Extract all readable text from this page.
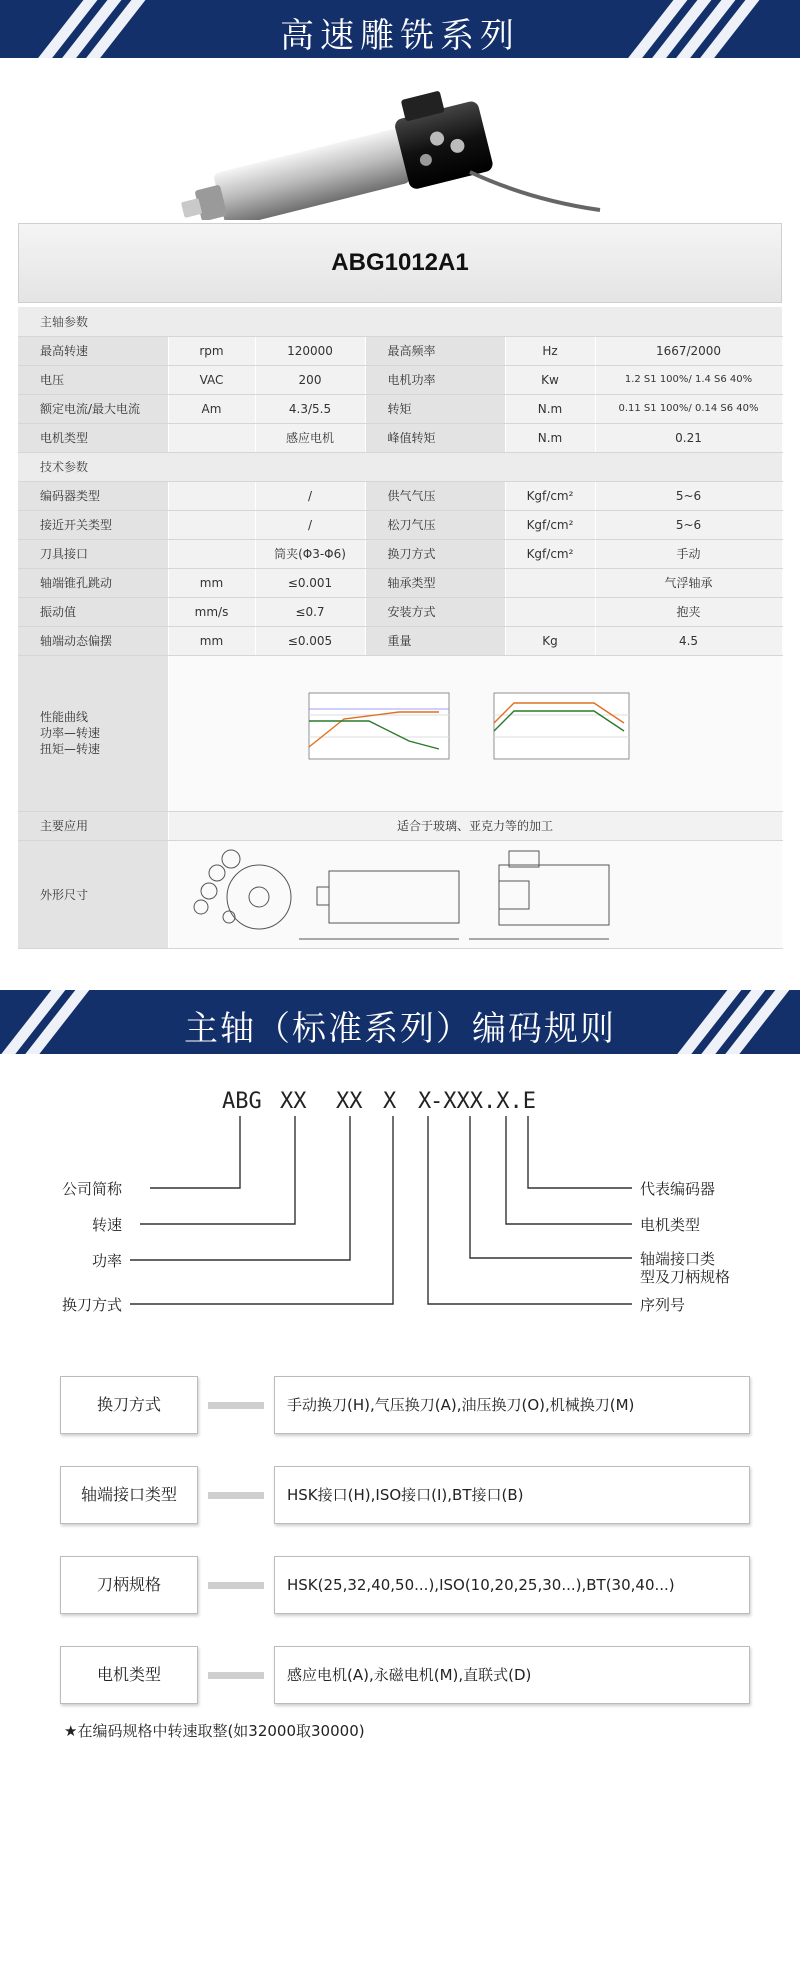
高速雕铣系列
ABG1012A1
主轴参数					
最高转速	rpm	120000	最高频率	Hz	1667/2000
电压	VAC	200	电机功率	Kw	1.2 S1 100%/ 1.4 S6 40%
额定电流/最大电流	Am	4.3/5.5	转矩	N.m	0.11 S1 100%/ 0.14 S6 40%
电机类型		感应电机	峰值转矩	N.m	0.21
技术参数					
编码器类型		/	供气气压	Kgf/cm²	5~6
接近开关类型		/	松刀气压	Kgf/cm²	5~6
刀具接口		筒夹(Φ3-Φ6)	换刀方式	Kgf/cm²	手动
轴端锥孔跳动	mm	≤0.001	轴承类型		气浮轴承
振动值	mm/s	≤0.7	安装方式		抱夹
轴端动态偏摆	mm	≤0.005	重量	Kg	4.5

性能曲线
功率—转速
扭矩—转速

主要应用	适合于玻璃、亚克力等的加工				
外形尺寸	
主轴（标准系列）编码规则
ABG XX XX X X
-XXX.X.E
公司简称
转速
功率
换刀方式
代表编码器
电机类型
轴端接口类
型及刀柄规格
序列号
换刀方式	手动换刀(H),气压换刀(A),油压换刀(O),机械换刀(M)
轴端接口类型	HSK接口(H),ISO接口(I),BT接口(B)
刀柄规格	HSK(25,32,40,50...),ISO(10,20,25,30...),BT(30,40...)
电机类型	感应电机(A),永磁电机(M),直联式(D)
★在编码规格中转速取整(如32000取30000)
